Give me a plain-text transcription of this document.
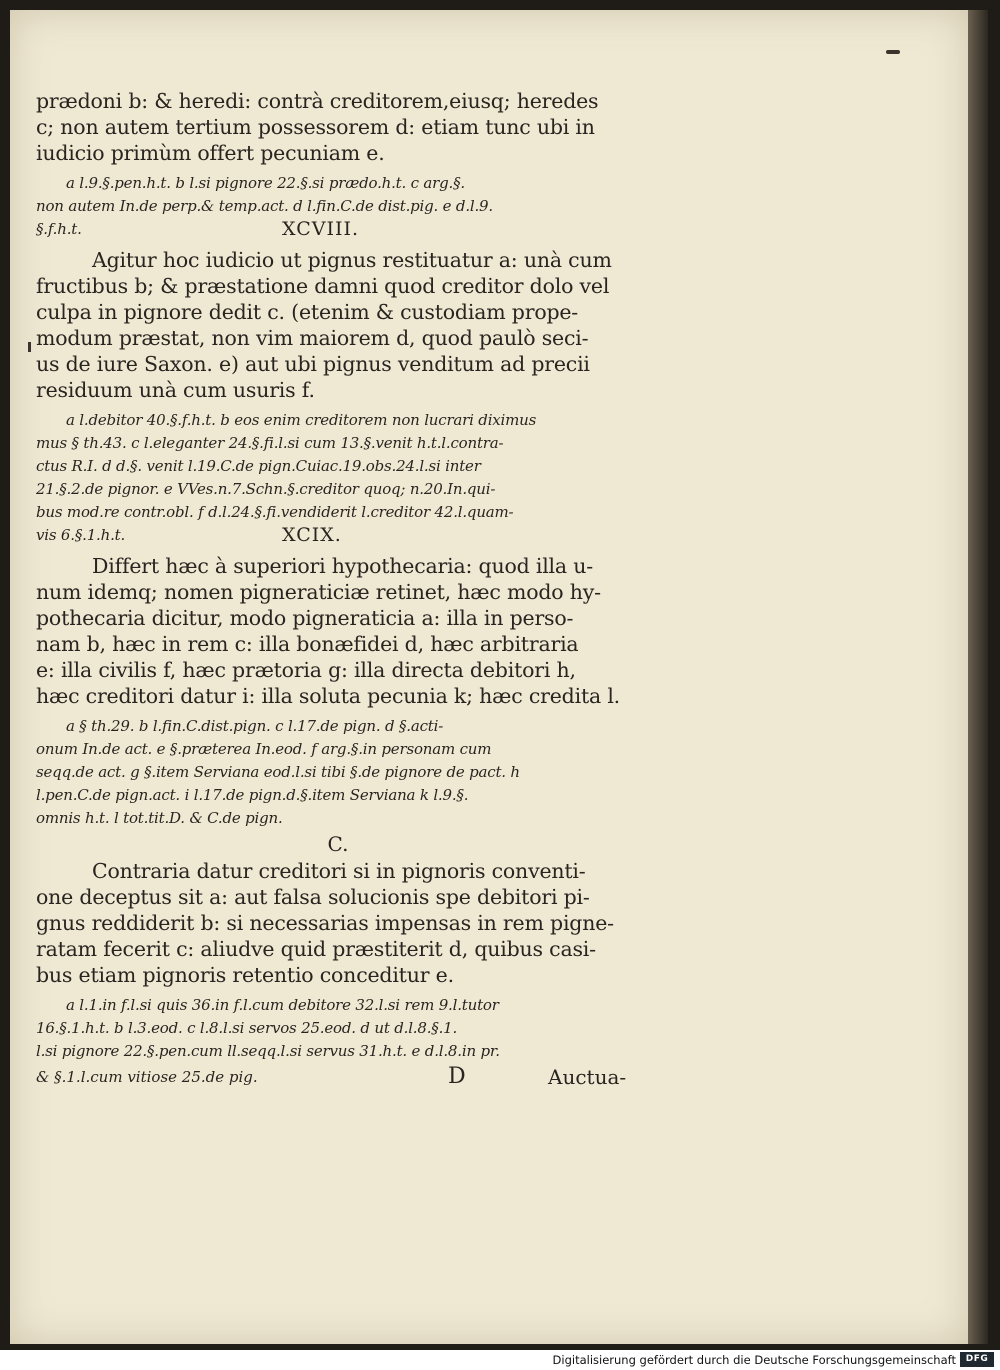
prædoni b: & heredi: contrà creditorem,eiusq; heredes
c; non autem tertium possessorem d: etiam tunc ubi in
iudicio primùm offert pecuniam e.
a l.9.§.pen.h.t. b l.si pignore 22.§.si prædo.h.t. c arg.§.
non autem In.de perp.& temp.act. d l.fin.C.de dist.pig. e d.l.9.
§.f.h.t.	XCVIII.
Agitur hoc iudicio ut pignus restituatur a: unà cum
fructibus b; & præstatione damni quod creditor dolo vel
culpa in pignore dedit c. (etenim & custodiam prope-
modum præstat, non vim maiorem d, quod paulò seci-
us de iure Saxon. e) aut ubi pignus venditum ad precii
residuum unà cum usuris f.
a l.debitor 40.§.f.h.t. b eos enim creditorem non lucrari diximus
mus § th.43. c l.eleganter 24.§.fi.l.si cum 13.§.venit h.t.l.contra-
ctus R.I. d d.§. venit l.19.C.de pign.Cuiac.19.obs.24.l.si inter
21.§.2.de pignor. e VVes.n.7.Schn.§.creditor quoq; n.20.In.qui-
bus mod.re contr.obl. f d.l.24.§.fi.vendiderit l.creditor 42.l.quam-
vis 6.§.1.h.t.	XCIX.
Differt hæc à superiori hypothecaria: quod illa u-
num idemq; nomen pigneraticiæ retinet, hæc modo hy-
pothecaria dicitur, modo pigneraticia a: illa in perso-
nam b, hæc in rem c: illa bonæfidei d, hæc arbitraria
e: illa civilis f, hæc prætoria g: illa directa debitori h,
hæc creditori datur i: illa soluta pecunia k; hæc credita l.
a § th.29. b l.fin.C.dist.pign. c l.17.de pign. d §.acti-
onum In.de act. e §.præterea In.eod. f arg.§.in personam cum
seqq.de act. g §.item Serviana eod.l.si tibi §.de pignore de pact. h
l.pen.C.de pign.act. i l.17.de pign.d.§.item Serviana k l.9.§.
omnis h.t. l tot.tit.D. & C.de pign.
C.
Contraria datur creditori si in pignoris conventi-
one deceptus sit a: aut falsa solucionis spe debitori pi-
gnus reddiderit b: si necessarias impensas in rem pigne-
ratam fecerit c: aliudve quid præstiterit d, quibus casi-
bus etiam pignoris retentio conceditur e.
a l.1.in f.l.si quis 36.in f.l.cum debitore 32.l.si rem 9.l.tutor
16.§.1.h.t. b l.3.eod. c l.8.l.si servos 25.eod. d ut d.l.8.§.1.
l.si pignore 22.§.pen.cum ll.seqq.l.si servus 31.h.t. e d.l.8.in pr.
& §.1.l.cum vitiose 25.de pig.	D	Auctua-
Digitalisierung gefördert durch die Deutsche Forschungsgemeinschaft	DFG
